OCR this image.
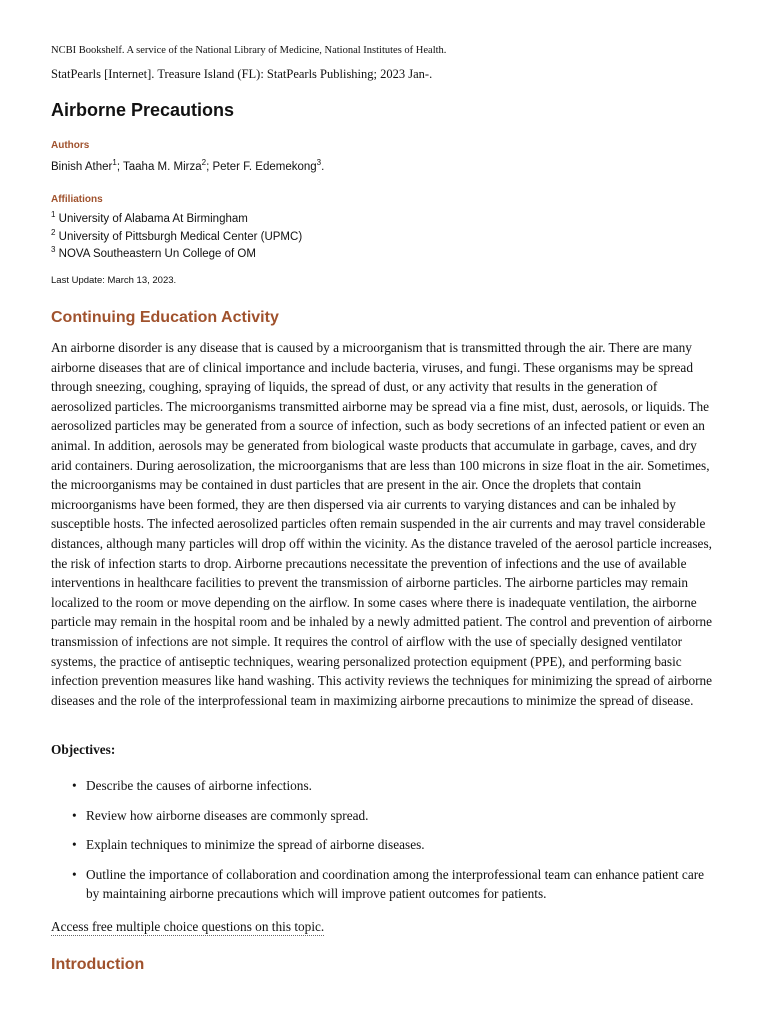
NCBI Bookshelf. A service of the National Library of Medicine, National Institutes of Health.
StatPearls [Internet]. Treasure Island (FL): StatPearls Publishing; 2023 Jan-.
Airborne Precautions
Authors
Binish Ather$^1$; Taaha M. Mirza$^2$; Peter F. Edemekong$^3$.
Affiliations
$^1$ University of Alabama At Birmingham
$^2$ University of Pittsburgh Medical Center (UPMC)
$^3$ NOVA Southeastern Un College of OM
Last Update: March 13, 2023.
Continuing Education Activity

An airborne disorder is any disease that is caused by a microorganism that is transmitted through the air. There are many airborne diseases that are of clinical importance and include bacteria, viruses, and fungi. These organisms may be spread through sneezing, coughing, spraying of liquids, the spread of dust, or any activity that results in the generation of aerosolized particles. The microorganisms transmitted airborne may be spread via a fine mist, dust, aerosols, or liquids. The aerosolized particles may be generated from a source of infection, such as body secretions of an infected patient or even an animal. In addition, aerosols may be generated from biological waste products that accumulate in garbage, caves, and dry arid containers. During aerosolization, the microorganisms that are less than 100 microns in size float in the air. Sometimes, the microorganisms may be contained in dust particles that are present in the air. Once the droplets that contain microorganisms have been formed, they are then dispersed via air currents to varying distances and can be inhaled by susceptible hosts. The infected aerosolized particles often remain suspended in the air currents and may travel considerable distances, although many particles will drop off within the vicinity. As the distance traveled of the aerosol particle increases, the risk of infection starts to drop. Airborne precautions necessitate the prevention of infections and the use of available interventions in healthcare facilities to prevent the transmission of airborne particles. The airborne particles may remain localized to the room or move depending on the airflow. In some cases where there is inadequate ventilation, the airborne particle may remain in the hospital room and be inhaled by a newly admitted patient. The control and prevention of airborne transmission of infections are not simple. It requires the control of airflow with the use of specially designed ventilator systems, the practice of antiseptic techniques, wearing personalized protection equipment (PPE), and performing basic infection prevention measures like hand washing. This activity reviews the techniques for minimizing the spread of airborne diseases and the role of the interprofessional team in maximizing airborne precautions to minimize the spread of disease.

Objectives:
• Describe the causes of airborne infections.
• Review how airborne diseases are commonly spread.
• Explain techniques to minimize the spread of airborne diseases.
• Outline the importance of collaboration and coordination among the interprofessional team can enhance patient care by maintaining airborne precautions which will improve patient outcomes for patients.
Access free multiple choice questions on this topic.
Introduction
